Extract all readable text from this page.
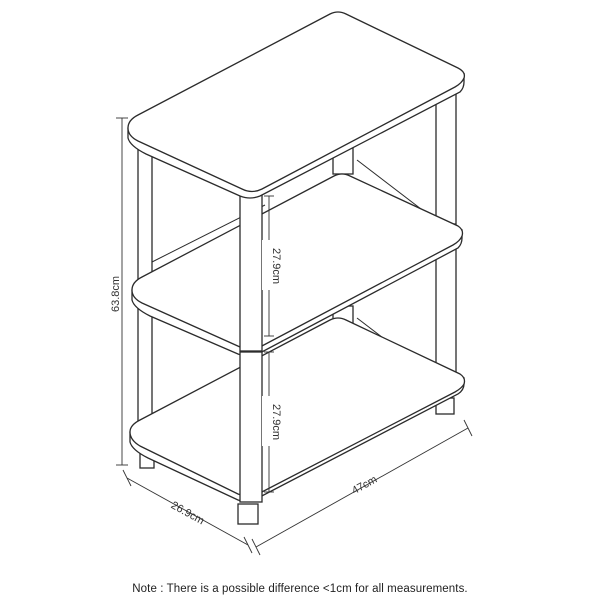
63.8cm
27.9cm
27.9cm
26.9cm
47cm
Note : There is a possible difference <1cm for all measurements.
